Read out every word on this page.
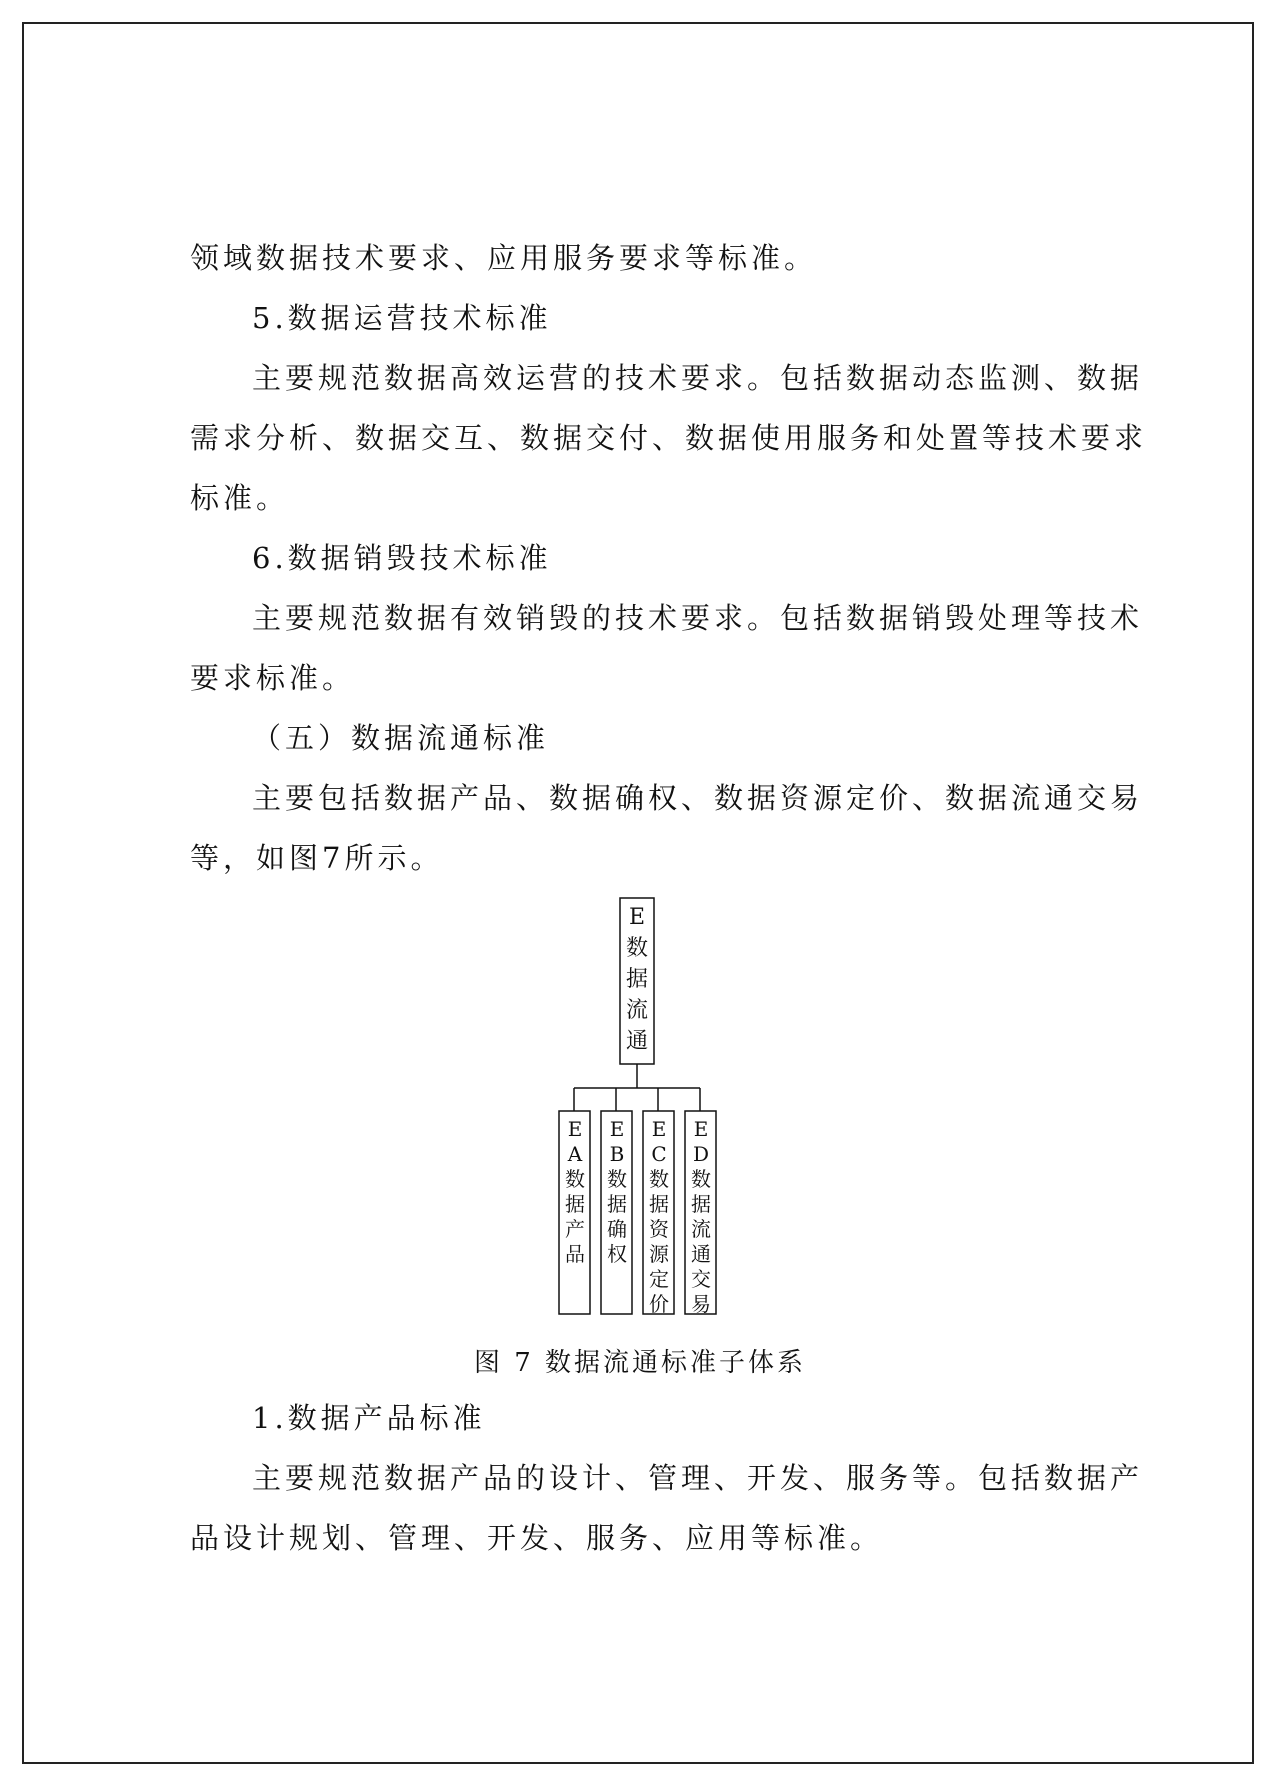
领域数据技术要求、应用服务要求等标准。
5.数据运营技术标准
主要规范数据高效运营的技术要求。包括数据动态监测、数据
需求分析、数据交互、数据交付、数据使用服务和处置等技术要求
标准。
6.数据销毁技术标准
主要规范数据有效销毁的技术要求。包括数据销毁处理等技术
要求标准。
（五）数据流通标准
主要包括数据产品、数据确权、数据资源定价、数据流通交易
等，如图7所示。
1.数据产品标准
主要规范数据产品的设计、管理、开发、服务等。包括数据产
品设计规划、管理、开发、服务、应用等标准。
E
数
据
流
通
E
A
数
据
产
品
E
B
数
据
确
权
E
C
数
据
资
源
定
价
E
D
数
据
流
通
交
易
图 7 数据流通标准子体系
